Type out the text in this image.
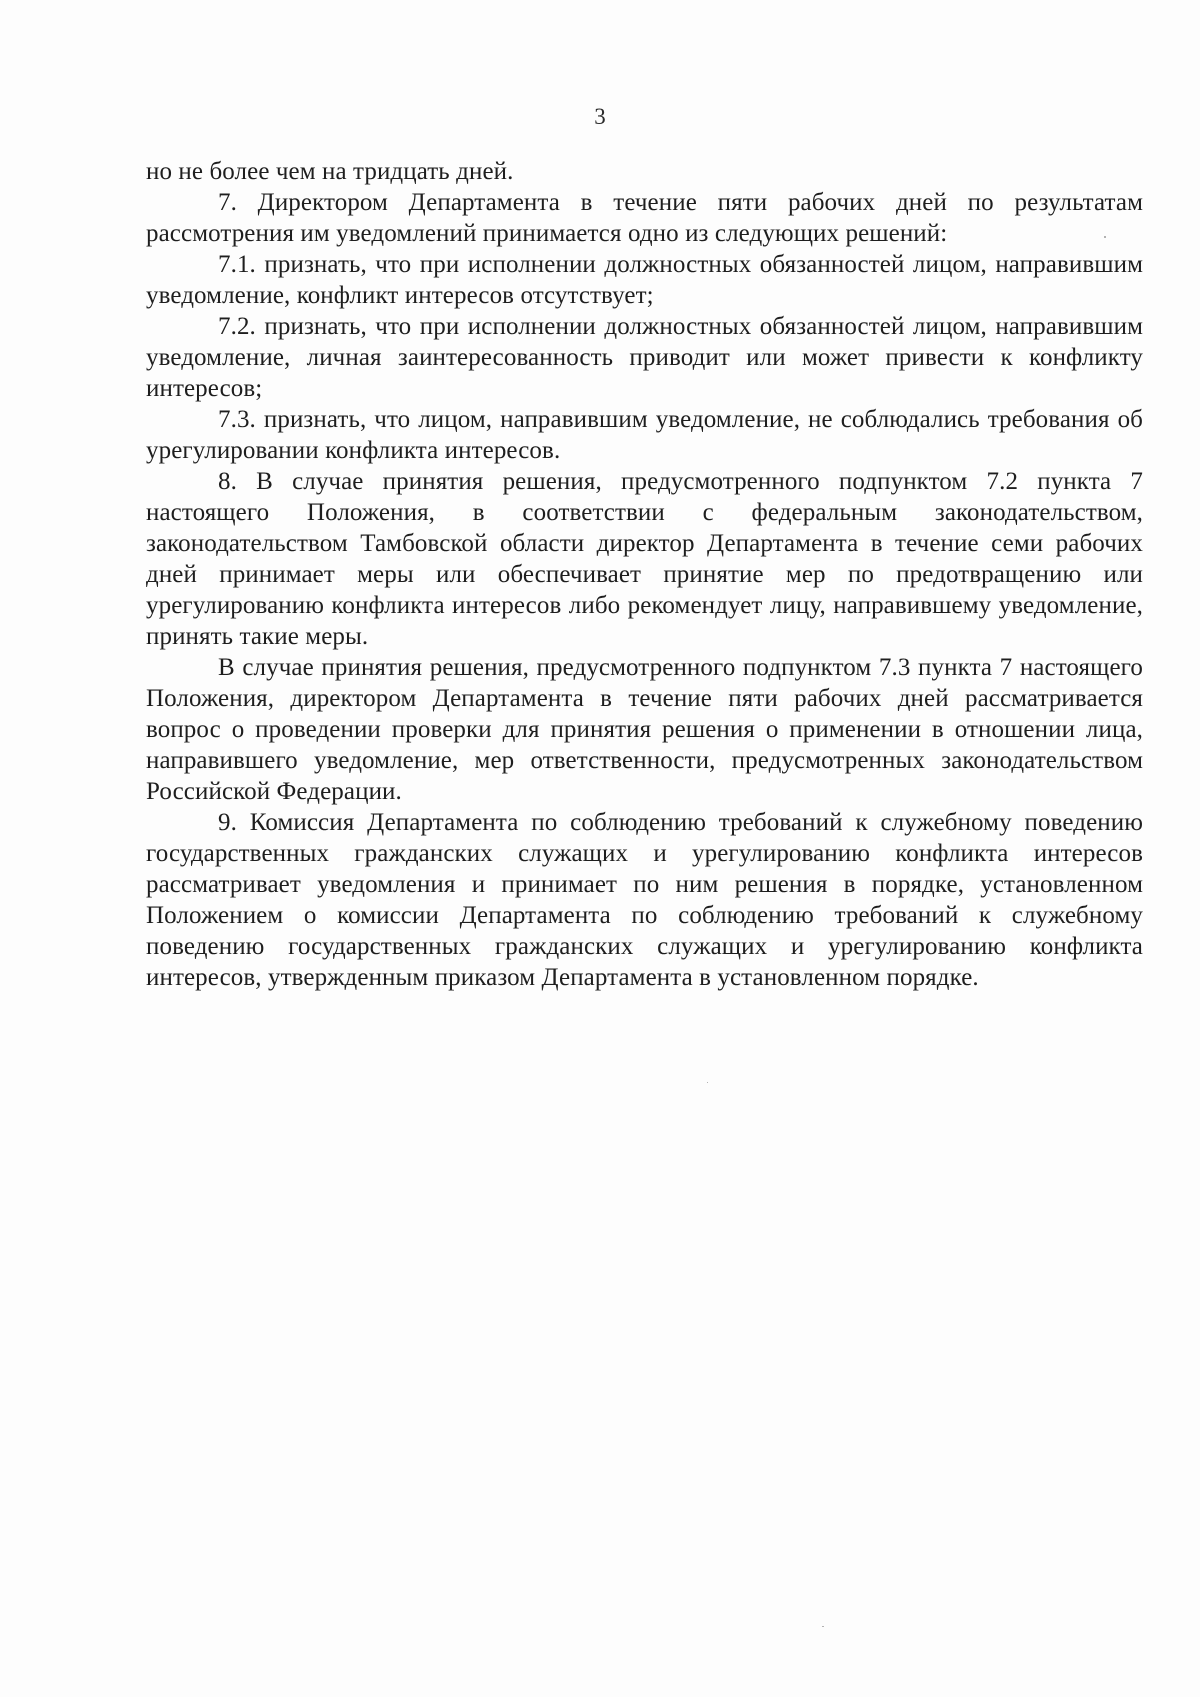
3

но не более чем на тридцать дней.

7. Директором Департамента в течение пяти рабочих дней по результатам рассмотрения им уведомлений принимается одно из следующих решений:

7.1. признать, что при исполнении должностных обязанностей лицом, направившим уведомление, конфликт интересов отсутствует;

7.2. признать, что при исполнении должностных обязанностей лицом, направившим уведомление, личная заинтересованность приводит или может привести к конфликту интересов;

7.3. признать, что лицом, направившим уведомление, не соблюдались требования об урегулировании конфликта интересов.

8. В случае принятия решения, предусмотренного подпунктом 7.2 пункта 7 настоящего Положения, в соответствии с федеральным законодательством, законодательством Тамбовской области директор Департамента в течение семи рабочих дней принимает меры или обеспечивает принятие мер по предотвращению или урегулированию конфликта интересов либо рекомендует лицу, направившему уведомление, принять такие меры.

В случае принятия решения, предусмотренного подпунктом 7.3 пункта 7 настоящего Положения, директором Департамента в течение пяти рабочих дней рассматривается вопрос о проведении проверки для принятия решения о применении в отношении лица, направившего уведомление, мер ответственности, предусмотренных законодательством Российской Федерации.

9. Комиссия Департамента по соблюдению требований к служебному поведению государственных гражданских служащих и урегулированию конфликта интересов рассматривает уведомления и принимает по ним решения в порядке, установленном Положением о комиссии Департамента по соблюдению требований к служебному поведению государственных гражданских служащих и урегулированию конфликта интересов, утвержденным приказом Департамента в установленном порядке.
